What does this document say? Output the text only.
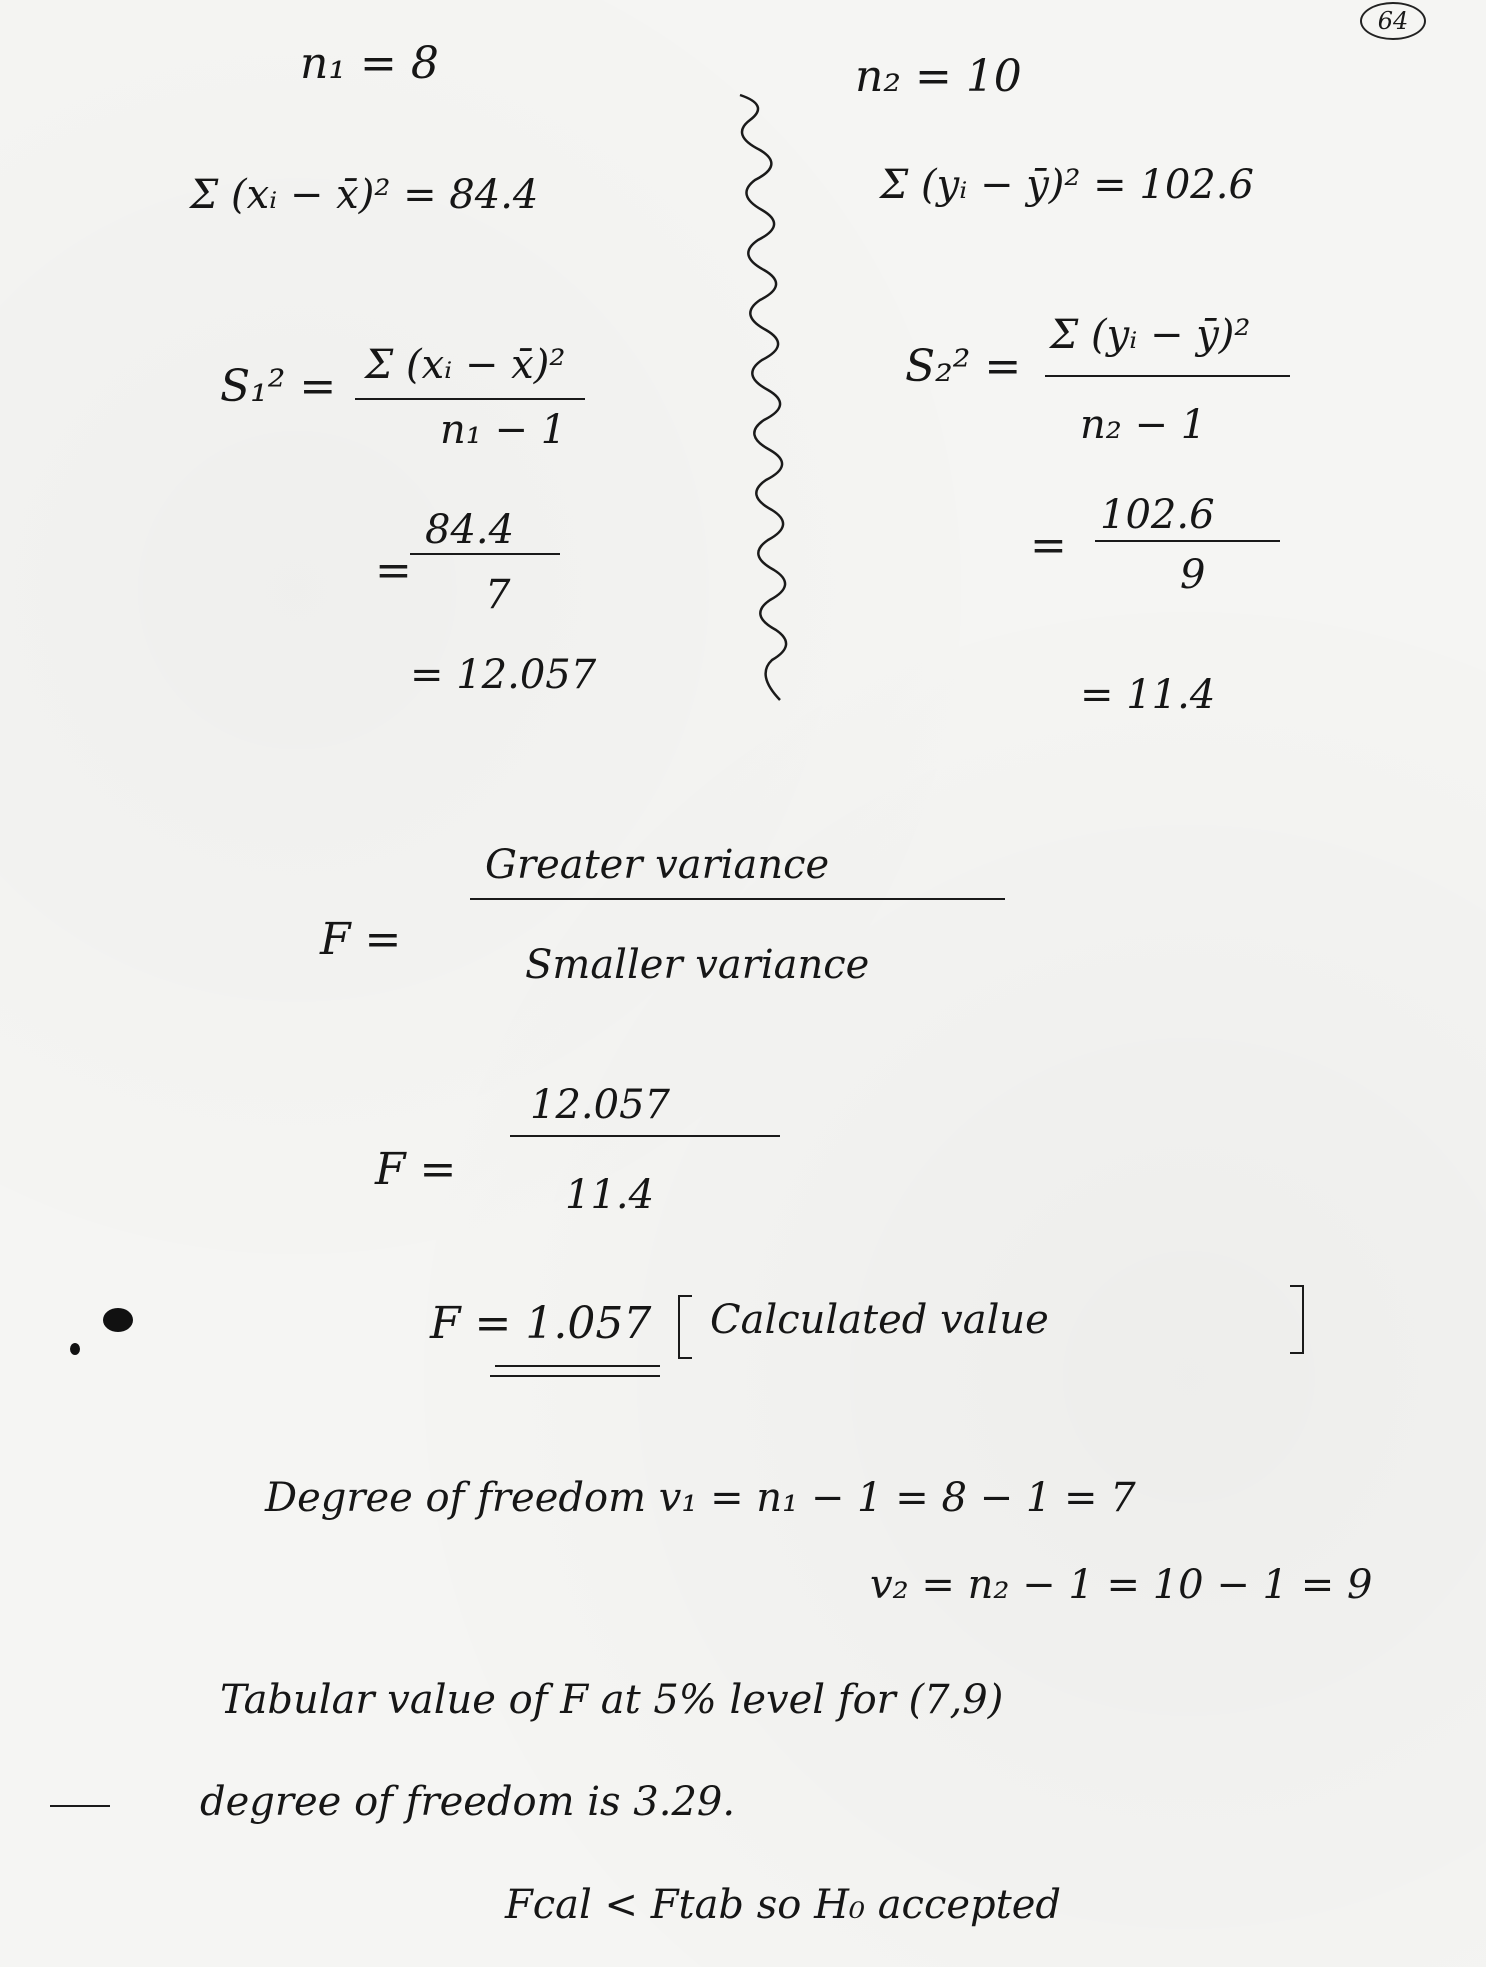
64
n₁ = 8
Σ (xᵢ − x̄)² = 84.4
S₁² = Σ (xᵢ − x̄)²
n₁ − 1
=
84.4
7
= 12.057
n₂ = 10
Σ (yᵢ − ȳ)² = 102.6
S₂² =
Σ (yᵢ − ȳ)²
n₂ − 1
=
102.6
9
= 11.4
F =
Greater variance
Smaller variance
F =
12.057
11.4
F = 1.057 Calculated value
Degree of freedom v₁ = n₁ − 1 = 8 − 1 = 7
v₂ = n₂ − 1 = 10 − 1 = 9
Tabular value of F at 5% level for (7,9)
degree of freedom is 3.29.
Fcal < Ftab so H₀ accepted
